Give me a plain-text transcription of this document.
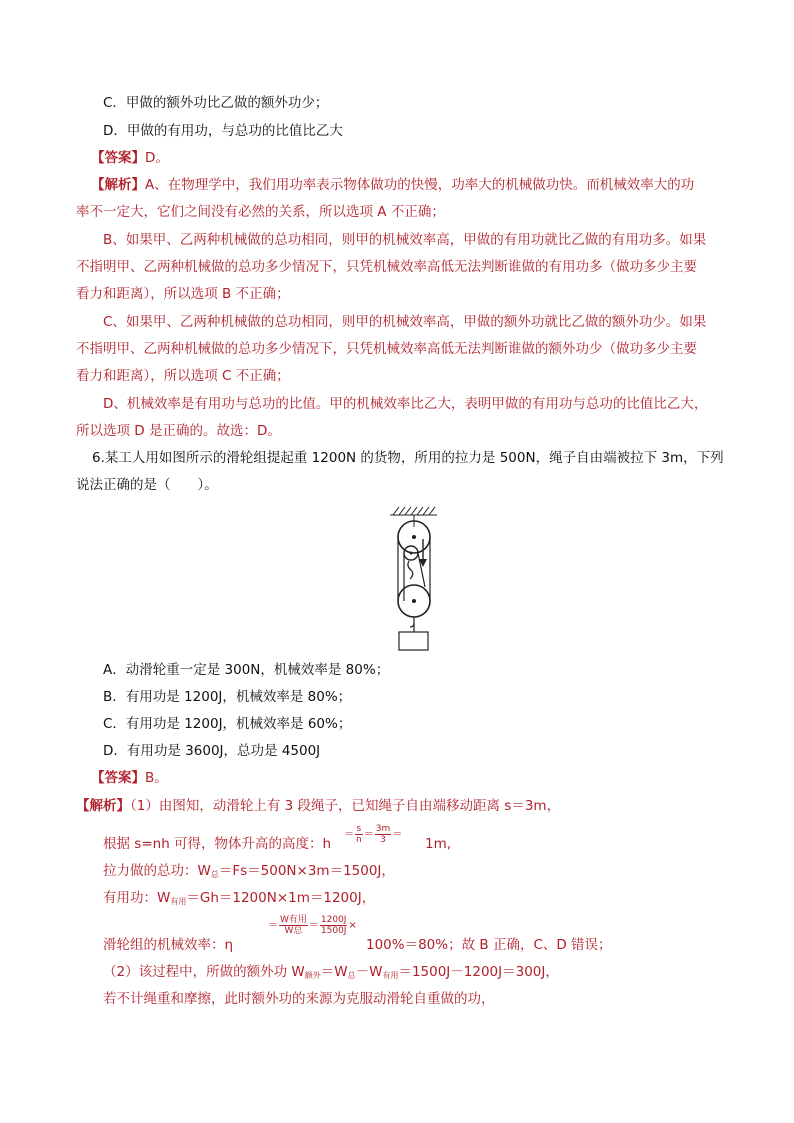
C．甲做的额外功比乙做的额外功少；
D．甲做的有用功，与总功的比值比乙大
【答案】D。
【解析】A、在物理学中，我们用功率表示物体做功的快慢，功率大的机械做功快。而机械效率大的功
率不一定大，它们之间没有必然的关系，所以选项 A 不正确；
B、如果甲、乙两种机械做的总功相同，则甲的机械效率高，甲做的有用功就比乙做的有用功多。如果
不指明甲、乙两种机械做的总功多少情况下，只凭机械效率高低无法判断谁做的有用功多（做功多少主要
看力和距离），所以选项 B 不正确；
C、如果甲、乙两种机械做的总功相同，则甲的机械效率高，甲做的额外功就比乙做的额外功少。如果
不指明甲、乙两种机械做的总功多少情况下，只凭机械效率高低无法判断谁做的额外功少（做功多少主要
看力和距离），所以选项 C 不正确；
D、机械效率是有用功与总功的比值。甲的机械效率比乙大，表明甲做的有用功与总功的比值比乙大，
所以选项 D 是正确的。故选：D。
6.某工人用如图所示的滑轮组提起重 1200N 的货物，所用的拉力是 500N，绳子自由端被拉下 3m，下列
说法正确的是（　　）。
A．动滑轮重一定是 300N，机械效率是 80%；
B．有用功是 1200J，机械效率是 80%；
C．有用功是 1200J，机械效率是 60%；
D．有用功是 3600J，总功是 4500J
【答案】B。
【解析】（1）由图知，动滑轮上有 3 段绳子，已知绳子自由端移动距离 s＝3m，
根据 s=nh 可得，物体升高的高度：h
＝ $\frac{s}{n} = \frac{3m}{3}$ ＝
1m,
拉力做的总功：$W_总=Fs=500N\times 3m=1500J$，
有用功：$W_{有用}=Gh=1200N\times 1m=1200J$，
滑轮组的机械效率：η
＝ $\frac{\text{W有用}}{\text{W总}} = \frac{1200J}{1500J}$ ×
100%＝80%；故 B 正确，C、D 错误；
（2）该过程中，所做的额外功 $W_{额外}=W_总-W_{有用}=1500J-1200J=300J$，
若不计绳重和摩擦，此时额外功的来源为克服动滑轮自重做的功，
